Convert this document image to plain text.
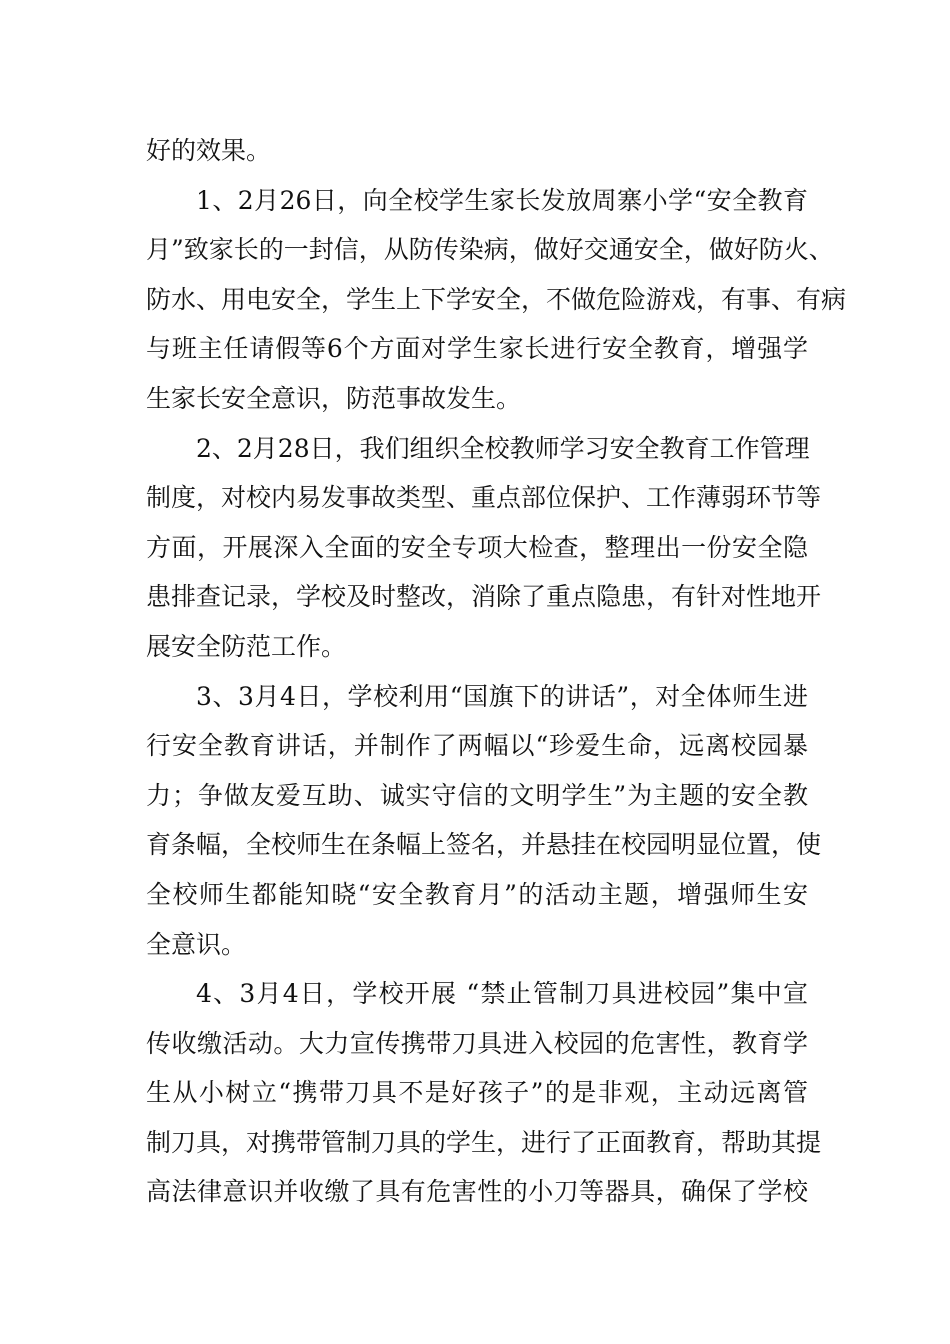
好的效果。
1、2月26日，向全校学生家长发放周寨小学“安全教育
月”致家长的一封信，从防传染病，做好交通安全，做好防火、
防水、用电安全，学生上下学安全，不做危险游戏，有事、有病
与班主任请假等6个方面对学生家长进行安全教育，增强学
生家长安全意识，防范事故发生。
2、2月28日，我们组织全校教师学习安全教育工作管理
制度，对校内易发事故类型、重点部位保护、工作薄弱环节等
方面，开展深入全面的安全专项大检查，整理出一份安全隐
患排查记录，学校及时整改，消除了重点隐患，有针对性地开
展安全防范工作。
3、3月4日，学校利用“国旗下的讲话”，对全体师生进
行安全教育讲话，并制作了两幅以“珍爱生命，远离校园暴
力；争做友爱互助、诚实守信的文明学生”为主题的安全教
育条幅，全校师生在条幅上签名，并悬挂在校园明显位置，使
全校师生都能知晓“安全教育月”的活动主题，增强师生安
全意识。
4、3月4日，学校开展 “禁止管制刀具进校园”集中宣
传收缴活动。大力宣传携带刀具进入校园的危害性，教育学
生从小树立“携带刀具不是好孩子”的是非观，主动远离管
制刀具，对携带管制刀具的学生，进行了正面教育，帮助其提
高法律意识并收缴了具有危害性的小刀等器具，确保了学校
